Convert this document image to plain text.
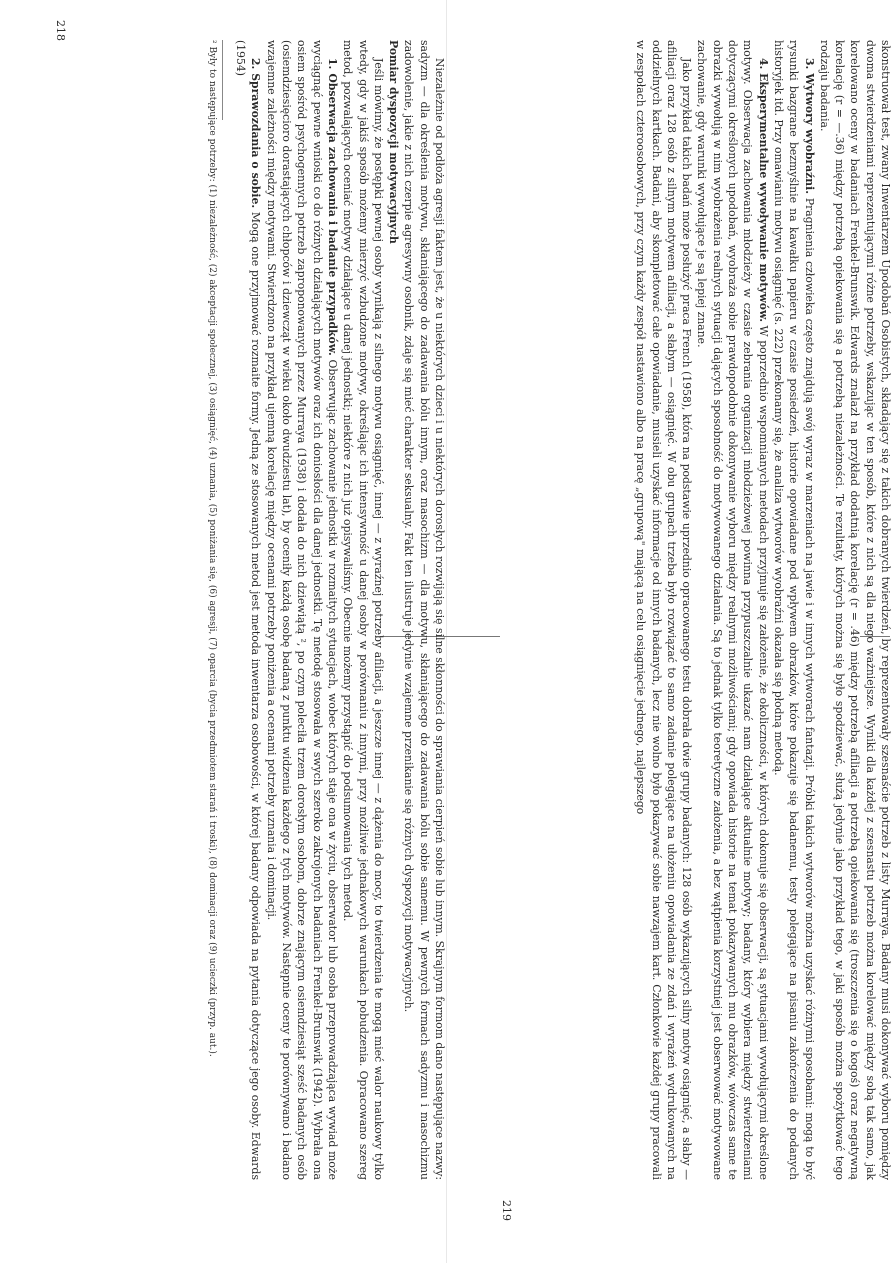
Niezależnie od podłoża agresji faktem jest, że u niektórych dzieci i u niektórych dorosłych rozwijają się silne skłonności do sprawiania cierpień sobie lub innym. Skrajnym formom dano następujące nazwy: sadyzm — dla określenia motywu, skłaniającego do zadawania bólu innym, oraz masochizm — dla motywu, skłaniającego do zadawania bólu sobie samemu. W pewnych formach sadyzmu i masochizmu zadowolenie, jakie z nich czerpie agresywny osobnik, zdaje się mieć charakter seksualny. Fakt ten ilustruje jedynie wzajemne przenikanie się różnych dyspozycji motywacyjnych.

Pomiar dyspozycji motywacyjnych

Jeśli mówimy, że postępki pewnej osoby wynikają z silnego motywu osiągnięć, innej — z wyraźnej potrzeby afiliacji, a jeszcze innej — z dążenia do mocy, to twierdzenia te mogą mieć walor naukowy tylko wtedy, gdy w jakiś sposób możemy mierzyć wzbudzone motywy, określając ich intensywność u danej osoby w porównaniu z innymi, przy możliwie jednakowych warunkach pobudzenia. Opracowano szereg metod, pozwalających oceniać motywy działające u danej jednostki; niektóre z nich już opisywaliśmy. Obecnie możemy przystąpić do podsumowania tych metod.

1. Obserwacja zachowania i badanie przypadków. Obserwując zachowanie jednostki w rozmaitych sytuacjach, wobec których staje ona w życiu, obserwator lub osoba przeprowadzająca wywiad może wyciągnąć pewne wnioski co do różnych działających motywów oraz ich doniosłości dla danej jednostki. Tę metodę stosowała w swych szeroko zakrojonych badaniach Frenkel-Brunswik (1942). Wybrała ona osiem spośród psychogennych potrzeb zaproponowanych przez Murraya (1938) i dodała do nich dziewiątą ², po czym poleciła trzem dorosłym osobom, dobrze znającym osiemdziesiąt sześć badanych osób (osiemdziesięcioro dorastających chłopców i dziewcząt w wieku około dwudziestu lat), by oceniły każdą osobę badaną z punktu widzenia każdego z tych motywów. Następnie oceny te porównywano i badano wzajemne zależności między motywami. Stwierdzono na przykład ujemną korelację między ocenami potrzeby poniżenia a ocenami potrzeby uznania i dominacji.

2. Sprawozdania o sobie. Mogą one przyjmować rozmaite formy. Jedną ze stosowanych metod jest metoda inwentarza osobowości, w której badany odpowiada na pytania dotyczące jego osoby. Edwards (1954)

² Były to następujące potrzeby: (1) niezależność, (2) akceptacji społecznej, (3) osiągnięć, (4) uznania, (5) poniżania się, (6) agresji, (7) oparcia (bycia przedmiotem starań i troski), (8) dominacji oraz (9) ucieczki (przyp. aut.).
218

skonstruował test, zwany Inwentarzem Upodobań Osobistych, składający się z takich dobranych twierdzeń, by reprezentowały szesnaście potrzeb z listy Murraya. Badany musi dokonywać wyboru pomiędzy dwoma stwierdzeniami reprezentującymi różne potrzeby, wskazując w ten sposób, które z nich są dla niego ważniejsze. Wyniki dla każdej z szesnastu potrzeb można korelować między sobą tak samo, jak korelowano oceny w badaniach Frenkel-Brunswik. Edwards znalazł na przykład dodatnią korelację (r = .46) między potrzebą afiliacji a potrzebą opiekowania się (troszczenia się o kogoś) oraz negatywną korelację (r = —.36) między potrzebą opiekowania się a potrzebą niezależności. Te rezultaty, których można się było spodziewać, służą jedynie jako przykład tego, w jaki sposób można spożytkować tego rodzaju badania.

3. Wytwory wyobraźni. Pragnienia człowieka często znajdują swój wyraz w marzeniach na jawie i w innych wytworach fantazji. Próbki takich wytworów można uzyskać różnymi sposobami: mogą to być rysunki bazgrane bezmyślnie na kawałku papieru w czasie posiedzeń, historie opowiadane pod wpływem obrazków, które pokazuje się badanemu, testy polegające na pisaniu zakończenia do podanych historyjek itd. Przy omawianiu motywu osiągnięć (s. 222) przekonamy się, że analiza wytworów wyobraźni okazała się płodną metodą.

4. Eksperymentalne wywoływanie motywów. W poprzednio wspomnianych metodach przyjmuje się założenie, że okoliczności, w których dokonuje się obserwacji, są sytuacjami wywołującymi określone motywy. Obserwacja zachowania młodzieży w czasie zebrania organizacji młodzieżowej powinna przypuszczalnie ukazać nam działające aktualnie motywy; badany, który wybiera między stwierdzeniami dotyczącymi określonych upodobań, wyobraża sobie prawdopodobnie dokonywanie wyboru między realnymi możliwościami; gdy opowiada historie na temat pokazywanych mu obrazków, wówczas same te obrazki wywołują w nim wyobrażenia realnych sytuacji dających sposobność do motywowanego działania. Są to jednak tylko teoretyczne założenia, a bez wątpienia korzystniej jest obserwować motywowane zachowanie, gdy warunki wywołujące je są lepiej znane.

Jako przykład takich badań może posłużyć praca French (1958), która na podstawie uprzednio opracowanego testu dobrała dwie grupy badanych: 128 osób wykazujących silny motyw osiągnięć, a słaby — afiliacji oraz 128 osób z silnym motywem afiliacji, a słabym — osiągnięć. W obu grupach trzeba było rozwiązać to samo zadanie polegające na ułożeniu opowiadania ze zdań i wyrażeń wydrukowanych na oddzielnych kartkach. Badani, aby skompletować całe opowiadanie, musieli uzyskać informacje od innych badanych, lecz nie wolno było pokazywać sobie nawzajem kart. Członkowie każdej grupy pracowali w zespołach czteroosobowych, przy czym każdy zespół nastawiono albo na pracę „grupową" mającą na celu osiągnięcie jednego, najlepszego

219
